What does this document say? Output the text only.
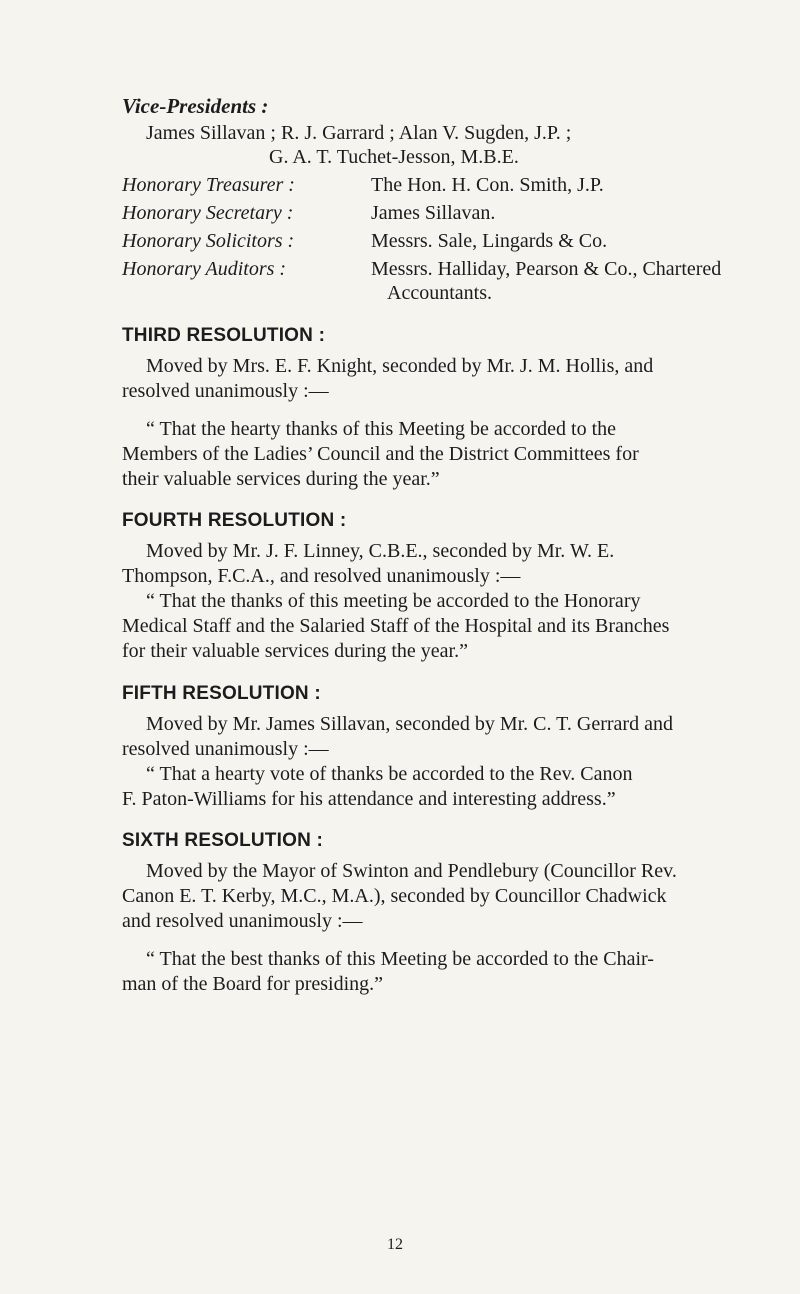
Vice-Presidents :
James Sillavan ; R. J. Garrard ; Alan V. Sugden, J.P. ;
G. A. T. Tuchet-Jesson, M.B.E.
Honorary Treasurer :	The Hon. H. Con. Smith, J.P.
Honorary Secretary :	James Sillavan.
Honorary Solicitors :	Messrs. Sale, Lingards & Co.
Honorary Auditors :	Messrs. Halliday, Pearson & Co., Chartered
Accountants.
THIRD RESOLUTION :
Moved by Mrs. E. F. Knight, seconded by Mr. J. M. Hollis, and
resolved unanimously :—
“ That the hearty thanks of this Meeting be accorded to the
Members of the Ladies’ Council and the District Committees for
their valuable services during the year.”
FOURTH RESOLUTION :
Moved by Mr. J. F. Linney, C.B.E., seconded by Mr. W. E.
Thompson, F.C.A., and resolved unanimously :—
“ That the thanks of this meeting be accorded to the Honorary
Medical Staff and the Salaried Staff of the Hospital and its Branches
for their valuable services during the year.”
FIFTH RESOLUTION :
Moved by Mr. James Sillavan, seconded by Mr. C. T. Gerrard and
resolved unanimously :—
“ That a hearty vote of thanks be accorded to the Rev. Canon
F. Paton-Williams for his attendance and interesting address.”
SIXTH RESOLUTION :
Moved by the Mayor of Swinton and Pendlebury (Councillor Rev.
Canon E. T. Kerby, M.C., M.A.), seconded by Councillor Chadwick
and resolved unanimously :—
“ That the best thanks of this Meeting be accorded to the Chair-
man of the Board for presiding.”
12
